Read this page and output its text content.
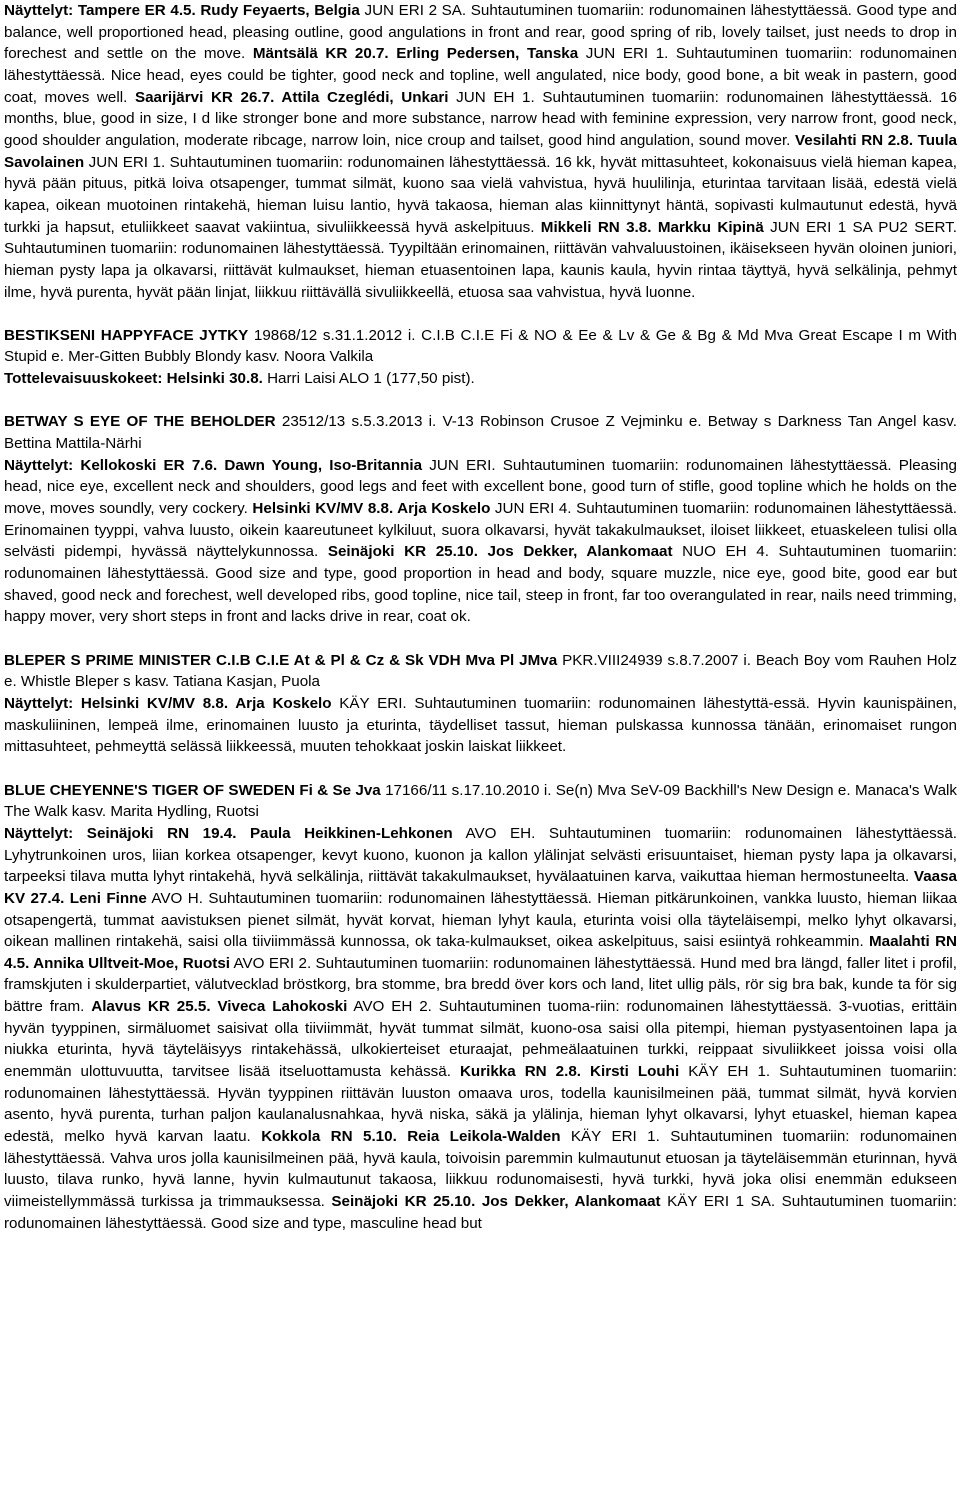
Näyttelyt: Tampere ER 4.5. Rudy Feyaerts, Belgia JUN ERI 2 SA. Suhtautuminen tuomariin: rodunomainen lähestyttäessä. Good type and balance, well proportioned head, pleasing outline, good angulations in front and rear, good spring of rib, lovely tailset, just needs to drop in forechest and settle on the move. Mäntsälä KR 20.7. Erling Pedersen, Tanska JUN ERI 1. Suhtautuminen tuomariin: rodunomainen lähestyttäessä. Nice head, eyes could be tighter, good neck and topline, well angulated, nice body, good bone, a bit weak in pastern, good coat, moves well. Saarijärvi KR 26.7. Attila Czeglédi, Unkari JUN EH 1. Suhtautuminen tuomariin: rodunomainen lähestyttäessä. 16 months, blue, good in size, I d like stronger bone and more substance, narrow head with feminine expression, very narrow front, good neck, good shoulder angulation, moderate ribcage, narrow loin, nice croup and tailset, good hind angulation, sound mover. Vesilahti RN 2.8. Tuula Savolainen JUN ERI 1. Suhtautuminen tuomariin: rodunomainen lähestyttäessä. 16 kk, hyvät mittasuhteet, kokonaisuus vielä hieman kapea, hyvä pään pituus, pitkä loiva otsapenger, tummat silmät, kuono saa vielä vahvistua, hyvä huulilinja, eturintaa tarvitaan lisää, edestä vielä kapea, oikean muotoinen rintakehä, hieman luisu lantio, hyvä takaosa, hieman alas kiinnittynyt häntä, sopivasti kulmautunut edestä, hyvä turkki ja hapsut, etuliikkeet saavat vakiintua, sivuliikkeessä hyvä askelpituus. Mikkeli RN 3.8. Markku Kipinä JUN ERI 1 SA PU2 SERT. Suhtautuminen tuomariin: rodunomainen lähestyttäessä. Tyypiltään erinomainen, riittävän vahvaluustoinen, ikäisekseen hyvän oloinen juniori, hieman pysty lapa ja olkavarsi, riittävät kulmaukset, hieman etuasentoinen lapa, kaunis kaula, hyvin rintaa täyttyä, hyvä selkälinja, pehmyt ilme, hyvä purenta, hyvät pään linjat, liikkuu riittävällä sivuliikkeellä, etuosa saa vahvistua, hyvä luonne.

BESTIKSENI HAPPYFACE JYTKY 19868/12 s.31.1.2012 i. C.I.B C.I.E Fi & NO & Ee & Lv & Ge & Bg & Md Mva Great Escape I m With Stupid e. Mer-Gitten Bubbly Blondy kasv. Noora Valkila
Tottelevaisuuskokeet: Helsinki 30.8. Harri Laisi ALO 1 (177,50 pist).

BETWAY S EYE OF THE BEHOLDER 23512/13 s.5.3.2013 i. V-13 Robinson Crusoe Z Vejminku e. Betway s Darkness Tan Angel kasv. Bettina Mattila-Närhi
Näyttelyt: Kellokoski ER 7.6. Dawn Young, Iso-Britannia JUN ERI. Suhtautuminen tuomariin: rodunomainen lähestyttäessä. Pleasing head, nice eye, excellent neck and shoulders, good legs and feet with excellent bone, good turn of stifle, good topline which he holds on the move, moves soundly, very cockery. Helsinki KV/MV 8.8. Arja Koskelo JUN ERI 4. Suhtautuminen tuomariin: rodunomainen lähestyttäessä. Erinomainen tyyppi, vahva luusto, oikein kaareutuneet kylkiluut, suora olkavarsi, hyvät takakulmaukset, iloiset liikkeet, etuaskeleen tulisi olla selvästi pidempi, hyvässä näyttelykunnossa. Seinäjoki KR 25.10. Jos Dekker, Alankomaat NUO EH 4. Suhtautuminen tuomariin: rodunomainen lähestyttäessä. Good size and type, good proportion in head and body, square muzzle, nice eye, good bite, good ear but shaved, good neck and forechest, well developed ribs, good topline, nice tail, steep in front, far too overangulated in rear, nails need trimming, happy mover, very short steps in front and lacks drive in rear, coat ok.

BLEPER S PRIME MINISTER C.I.B C.I.E At & Pl & Cz & Sk VDH Mva Pl JMva PKR.VIII24939 s.8.7.2007 i. Beach Boy vom Rauhen Holz e. Whistle Bleper s kasv. Tatiana Kasjan, Puola
Näyttelyt: Helsinki KV/MV 8.8. Arja Koskelo KÄY ERI. Suhtautuminen tuomariin: rodunomainen lähestyttä-essä. Hyvin kaunispäinen, maskuliininen, lempeä ilme, erinomainen luusto ja eturinta, täydelliset tassut, hieman pulskassa kunnossa tänään, erinomaiset rungon mittasuhteet, pehmeyttä selässä liikkeessä, muuten tehokkaat joskin laiskat liikkeet.

BLUE CHEYENNE'S TIGER OF SWEDEN Fi & Se Jva 17166/11 s.17.10.2010 i. Se(n) Mva SeV-09 Backhill's New Design e. Manaca's Walk The Walk kasv. Marita Hydling, Ruotsi
Näyttelyt: Seinäjoki RN 19.4. Paula Heikkinen-Lehkonen AVO EH. Suhtautuminen tuomariin: rodunomainen lähestyttäessä. Lyhytrunkoinen uros, liian korkea otsapenger, kevyt kuono, kuonon ja kallon ylälinjat selvästi erisuuntaiset, hieman pysty lapa ja olkavarsi, tarpeeksi tilava mutta lyhyt rintakehä, hyvä selkälinja, riittävät takakulmaukset, hyvälaatuinen karva, vaikuttaa hieman hermostuneelta. Vaasa KV 27.4. Leni Finne AVO H. Suhtautuminen tuomariin: rodunomainen lähestyttäessä. Hieman pitkärunkoinen, vankka luusto, hieman liikaa otsapengertä, tummat aavistuksen pienet silmät, hyvät korvat, hieman lyhyt kaula, eturinta voisi olla täyteläisempi, melko lyhyt olkavarsi, oikean mallinen rintakehä, saisi olla tiiviimmässä kunnossa, ok taka-kulmaukset, oikea askelpituus, saisi esiintyä rohkeammin. Maalahti RN 4.5. Annika Ulltveit-Moe, Ruotsi AVO ERI 2. Suhtautuminen tuomariin: rodunomainen lähestyttäessä. Hund med bra längd, faller litet i profil, framskjuten i skulderpartiet, välutvecklad bröstkorg, bra stomme, bra bredd över kors och land, litet ullig päls, rör sig bra bak, kunde ta för sig bättre fram. Alavus KR 25.5. Viveca Lahokoski AVO EH 2. Suhtautuminen tuoma-riin: rodunomainen lähestyttäessä. 3-vuotias, erittäin hyvän tyyppinen, sirmäluomet saisivat olla tiiviimmät, hyvät tummat silmät, kuono-osa saisi olla pitempi, hieman pystyasentoinen lapa ja niukka eturinta, hyvä täyteläisyys rintakehässä, ulkokierteiset eturaajat, pehmeälaatuinen turkki, reippaat sivuliikkeet joissa voisi olla enemmän ulottuvuutta, tarvitsee lisää itseluottamusta kehässä. Kurikka RN 2.8. Kirsti Louhi KÄY EH 1. Suhtautuminen tuomariin: rodunomainen lähestyttäessä. Hyvän tyyppinen riittävän luuston omaava uros, todella kaunisilmeinen pää, tummat silmät, hyvä korvien asento, hyvä purenta, turhan paljon kaulanalusnahkaa, hyvä niska, säkä ja ylälinja, hieman lyhyt olkavarsi, lyhyt etuaskel, hieman kapea edestä, melko hyvä karvan laatu. Kokkola RN 5.10. Reia Leikola-Walden KÄY ERI 1. Suhtautuminen tuomariin: rodunomainen lähestyttäessä. Vahva uros jolla kaunisilmeinen pää, hyvä kaula, toivoisin paremmin kulmautunut etuosan ja täyteläisemmän eturinnan, hyvä luusto, tilava runko, hyvä lanne, hyvin kulmautunut takaosa, liikkuu rodunomaisesti, hyvä turkki, hyvä joka olisi enemmän edukseen viimeistellymmässä turkissa ja trimmauksessa. Seinäjoki KR 25.10. Jos Dekker, Alankomaat KÄY ERI 1 SA. Suhtautuminen tuomariin: rodunomainen lähestyttäessä. Good size and type, masculine head but
